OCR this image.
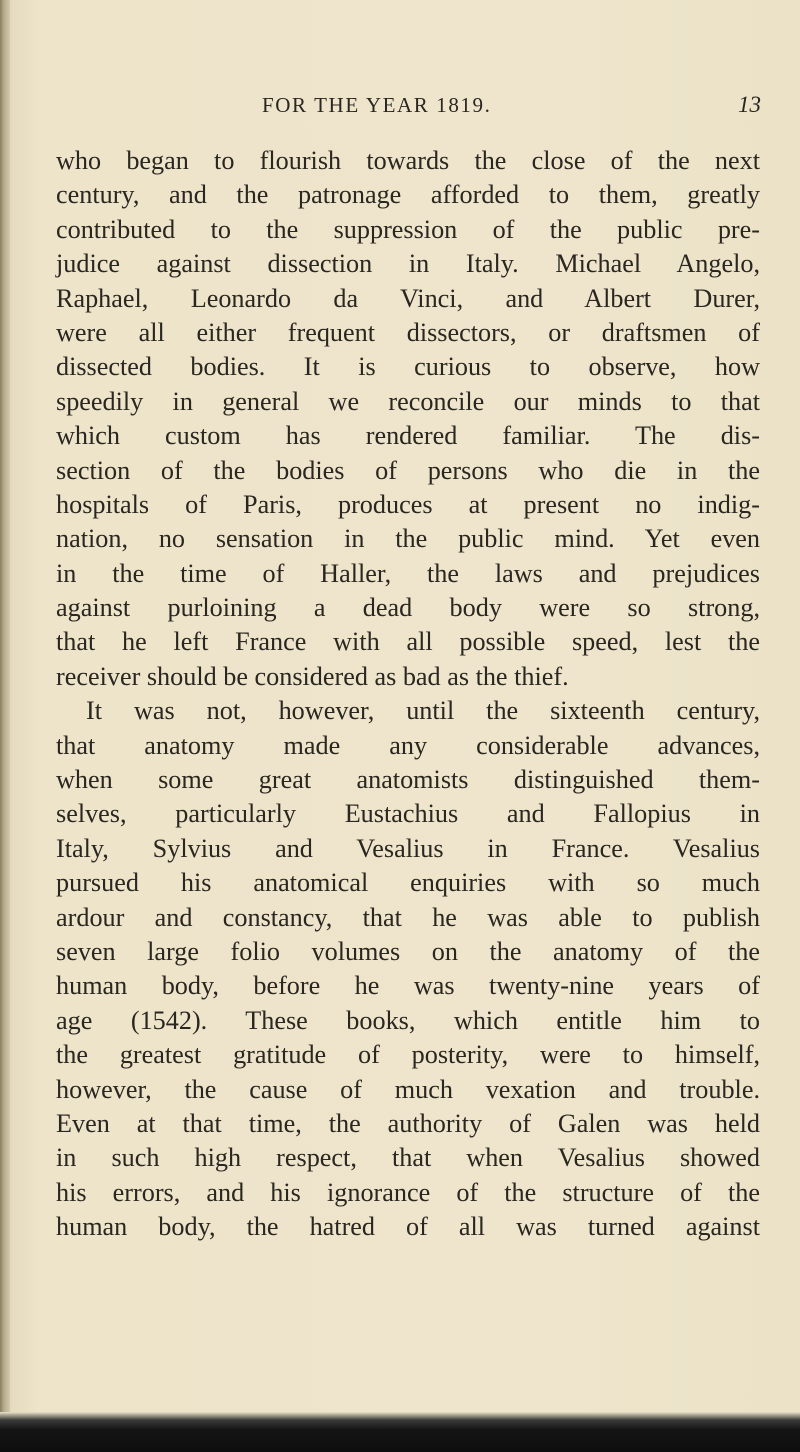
FOR THE YEAR 1819.	13
who began to flourish towards the close of the next
century, and the patronage afforded to them, greatly
contributed to the suppression of the public pre-
judice against dissection in Italy. Michael Angelo,
Raphael, Leonardo da Vinci, and Albert Durer,
were all either frequent dissectors, or draftsmen of
dissected bodies. It is curious to observe, how
speedily in general we reconcile our minds to that
which custom has rendered familiar. The dis-
section of the bodies of persons who die in the
hospitals of Paris, produces at present no indig-
nation, no sensation in the public mind. Yet even
in the time of Haller, the laws and prejudices
against purloining a dead body were so strong,
that he left France with all possible speed, lest the
receiver should be considered as bad as the thief.
It was not, however, until the sixteenth century,
that anatomy made any considerable advances,
when some great anatomists distinguished them-
selves, particularly Eustachius and Fallopius in
Italy, Sylvius and Vesalius in France. Vesalius
pursued his anatomical enquiries with so much
ardour and constancy, that he was able to publish
seven large folio volumes on the anatomy of the
human body, before he was twenty-nine years of
age (1542). These books, which entitle him to
the greatest gratitude of posterity, were to himself,
however, the cause of much vexation and trouble.
Even at that time, the authority of Galen was held
in such high respect, that when Vesalius showed
his errors, and his ignorance of the structure of the
human body, the hatred of all was turned against
